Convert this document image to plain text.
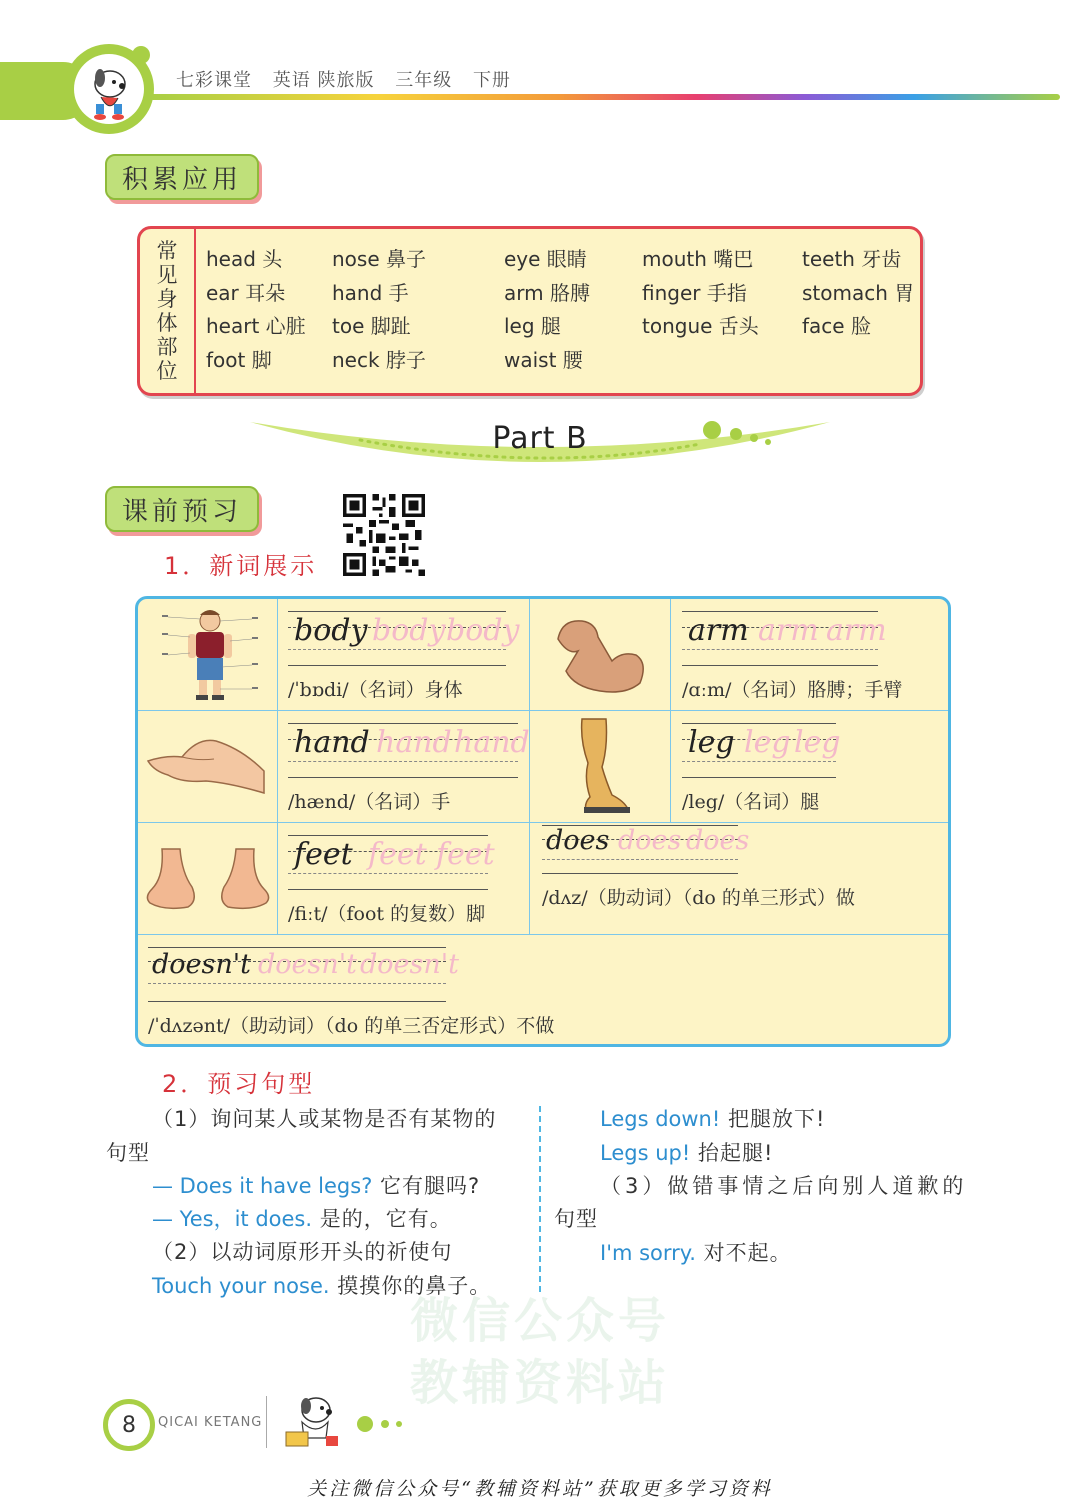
七彩课堂 英语 陕旅版 三年级 下册
积累应用
常
见
身
体
部
位
head 头	nose 鼻子	eye 眼睛	mouth 嘴巴	teeth 牙齿
ear 耳朵	hand 手	arm 胳膊	finger 手指	stomach 胃
heart 心脏	toe 脚趾	leg 腿	tongue 舌头	face 脸
foot 脚	neck 脖子	waist 腰
Part B
课前预习
1．新词展示
body body body
/ˈbɒdi/（名词）身体
arm arm arm
/ɑːm/（名词）胳膊；手臂
hand hand hand
/hænd/（名词）手
leg leg leg
/leg/（名词）腿
feet feet feet
/fiːt/（foot 的复数）脚
does does does
/dʌz/（助动词）（do 的单三形式）做
doesn't doesn't doesn't
/ˈdʌzənt/（助动词）（do 的单三否定形式）不做
微信公众号
教辅资料站
2．预习句型
（1）询问某人或某物是否有某物的
句型
— Does it have legs? 它有腿吗?
— Yes，it does. 是的，它有。
（2）以动词原形开头的祈使句
Touch your nose. 摸摸你的鼻子。
Legs down! 把腿放下!
Legs up! 抬起腿!
（3）做错事情之后向别人道歉的
句型
I'm sorry. 对不起。
8	QICAI KETANG
关注微信公众号“教辅资料站”获取更多学习资料
